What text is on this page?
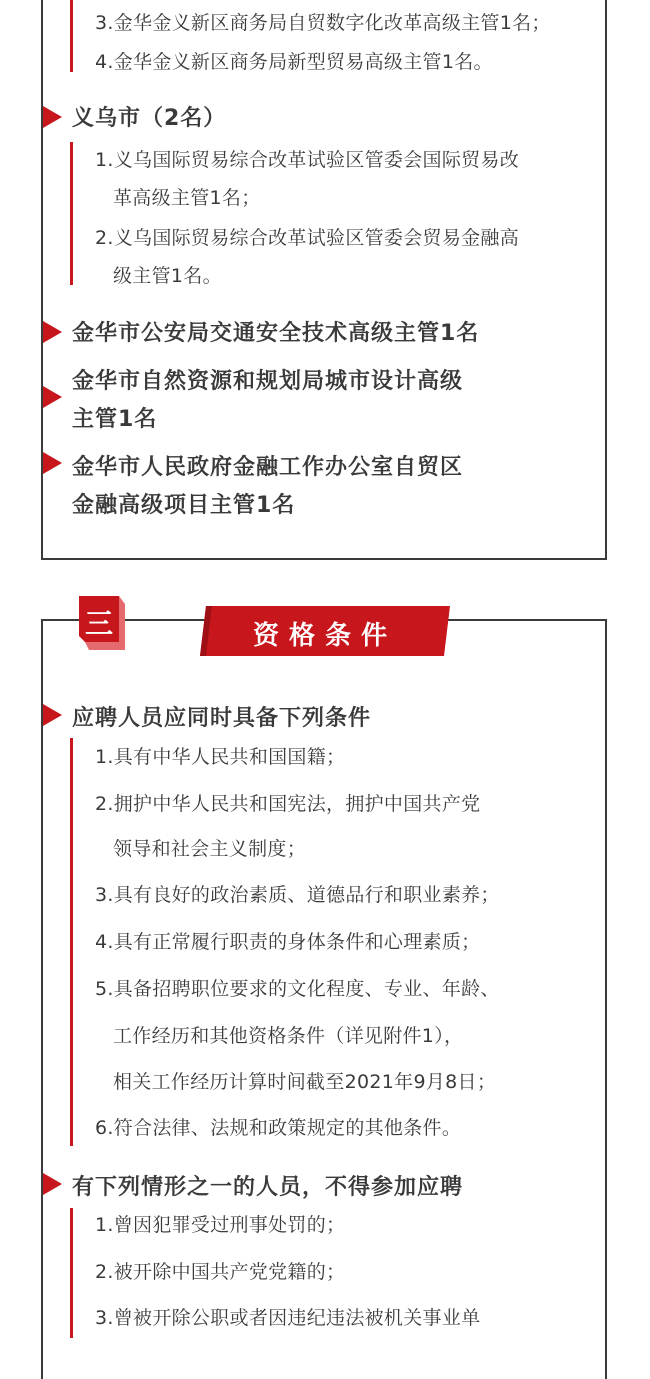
3.金华金义新区商务局自贸数字化改革高级主管1名；

4.金华金义新区商务局新型贸易高级主管1名。

义乌市（2名）

1.义乌国际贸易综合改革试验区管委会国际贸易改

革高级主管1名；

2.义乌国际贸易综合改革试验区管委会贸易金融高

级主管1名。

金华市公安局交通安全技术高级主管1名

金华市自然资源和规划局城市设计高级

主管1名

金华市人民政府金融工作办公室自贸区

金融高级项目主管1名

三	资格条件

应聘人员应同时具备下列条件

1.具有中华人民共和国国籍；

2.拥护中华人民共和国宪法，拥护中国共产党

领导和社会主义制度；

3.具有良好的政治素质、道德品行和职业素养；

4.具有正常履行职责的身体条件和心理素质；

5.具备招聘职位要求的文化程度、专业、年龄、

工作经历和其他资格条件（详见附件1），

相关工作经历计算时间截至2021年9月8日；

6.符合法律、法规和政策规定的其他条件。

有下列情形之一的人员，不得参加应聘

1.曾因犯罪受过刑事处罚的；

2.被开除中国共产党党籍的；

3.曾被开除公职或者因违纪违法被机关事业单
